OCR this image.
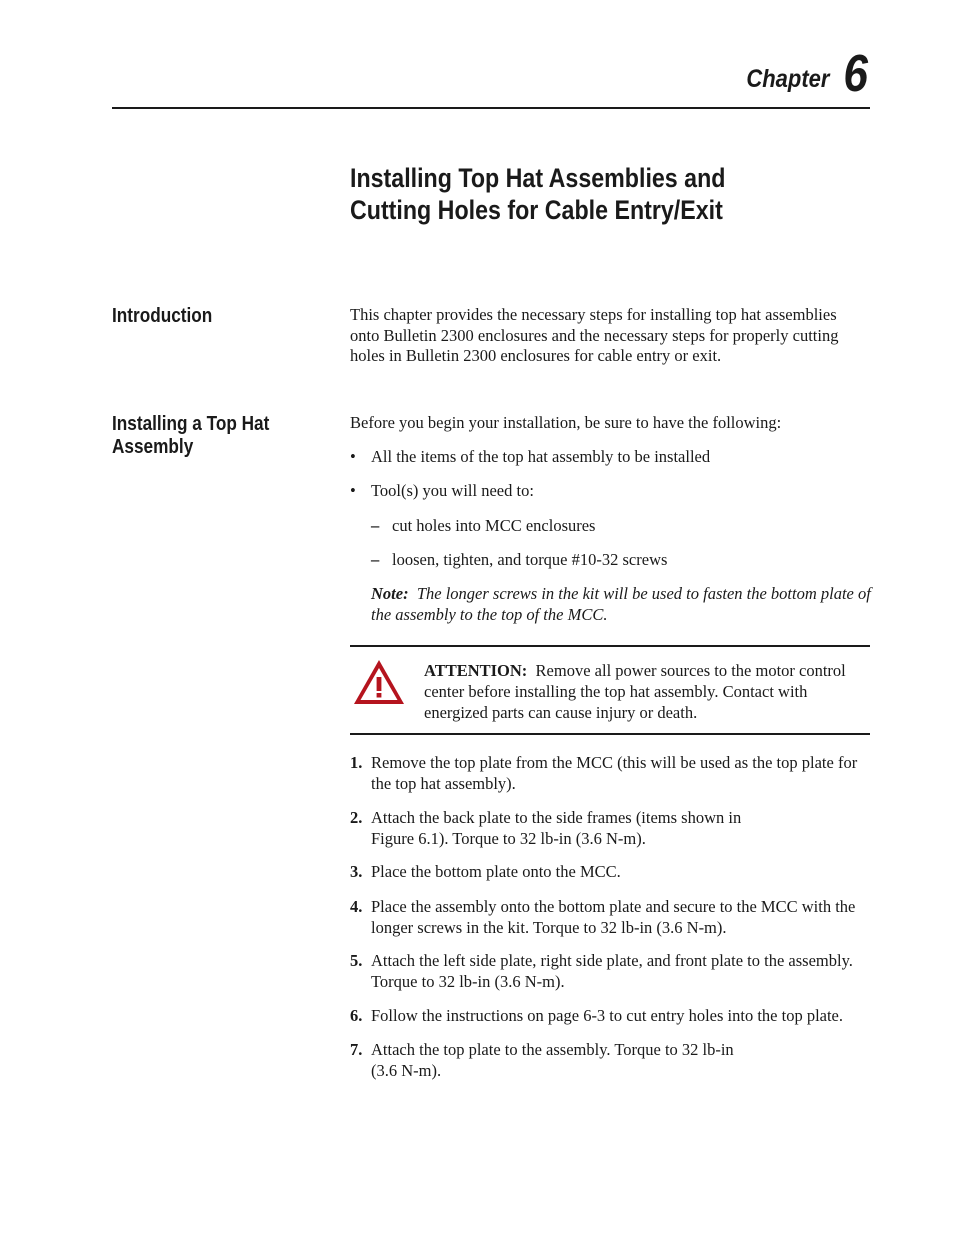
Chapter 6
Installing Top Hat Assemblies and
Cutting Holes for Cable Entry/Exit
Introduction	This chapter provides the necessary steps for installing top hat assemblies onto Bulletin 2300 enclosures and the necessary steps for properly cutting holes in Bulletin 2300 enclosures for cable entry or exit.
Installing a Top Hat
Assembly
Before you begin your installation, be sure to have the following:
• All the items of the top hat assembly to be installed
• Tool(s) you will need to:
– cut holes into MCC enclosures
– loosen, tighten, and torque #10-32 screws
Note: The longer screws in the kit will be used to fasten the bottom plate of the assembly to the top of the MCC.
ATTENTION: Remove all power sources to the motor control center before installing the top hat assembly. Contact with energized parts can cause injury or death.
1. Remove the top plate from the MCC (this will be used as the top plate for the top hat assembly).
2. Attach the back plate to the side frames (items shown in
Figure 6.1). Torque to 32 lb-in (3.6 N-m).
3. Place the bottom plate onto the MCC.
4. Place the assembly onto the bottom plate and secure to the MCC with the longer screws in the kit. Torque to 32 lb-in (3.6 N-m).
5. Attach the left side plate, right side plate, and front plate to the assembly. Torque to 32 lb-in (3.6 N-m).
6. Follow the instructions on page 6-3 to cut entry holes into the top plate.
7. Attach the top plate to the assembly. Torque to 32 lb-in
(3.6 N-m).
